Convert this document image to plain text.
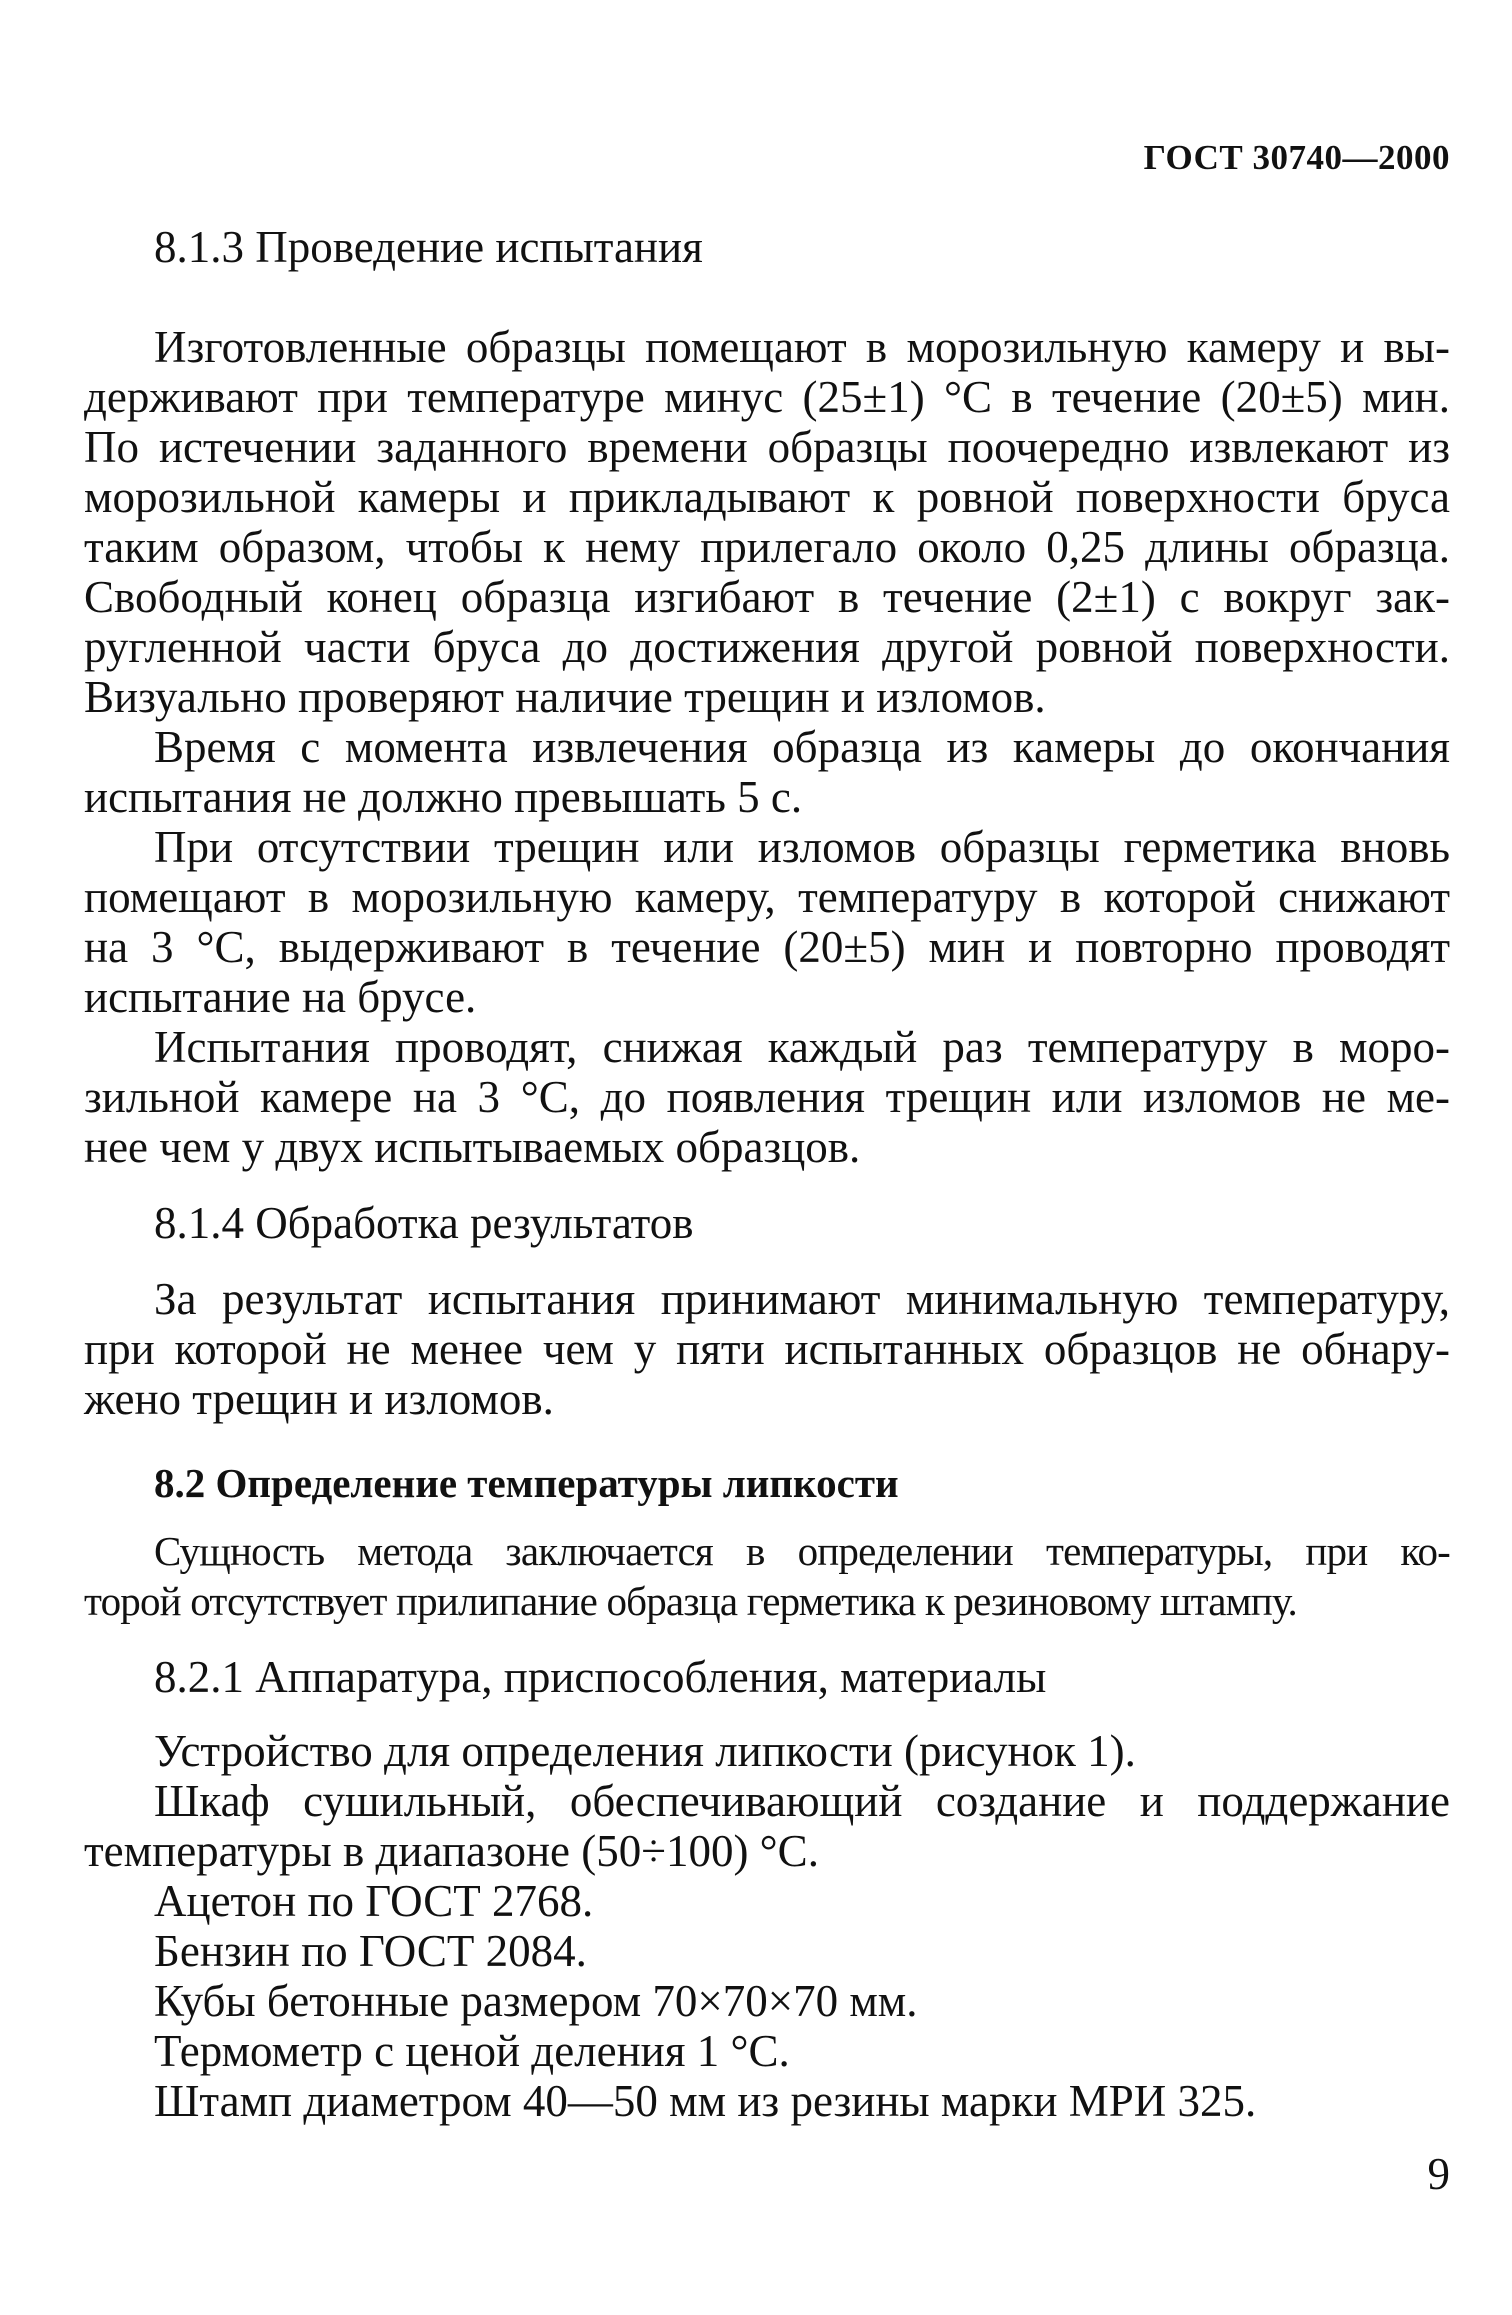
ГОСТ 30740—2000
8.1.3 Проведение испытания
Изготовленные образцы помещают в морозильную камеру и вы-
держивают при температуре минус (25±1) °С в течение (20±5) мин.
По истечении заданного времени образцы поочередно извлекают из
морозильной камеры и прикладывают к ровной поверхности бруса
таким образом, чтобы к нему прилегало около 0,25 длины образца.
Свободный конец образца изгибают в течение (2±1) с вокруг зак-
ругленной части бруса до достижения другой ровной поверхности.
Визуально проверяют наличие трещин и изломов.
Время с момента извлечения образца из камеры до окончания
испытания не должно превышать 5 с.
При отсутствии трещин или изломов образцы герметика вновь
помещают в морозильную камеру, температуру в которой снижают
на 3 °С, выдерживают в течение (20±5) мин и повторно проводят
испытание на брусе.
Испытания проводят, снижая каждый раз температуру в моро-
зильной камере на 3 °С, до появления трещин или изломов не ме-
нее чем у двух испытываемых образцов.
8.1.4 Обработка результатов
За результат испытания принимают минимальную температуру,
при которой не менее чем у пяти испытанных образцов не обнару-
жено трещин и изломов.
8.2 Определение температуры липкости
Сущность метода заключается в определении температуры, при ко-
торой отсутствует прилипание образца герметика к резиновому штампу.
8.2.1 Аппаратура, приспособления, материалы
Устройство для определения липкости (рисунок 1).
Шкаф сушильный, обеспечивающий создание и поддержание
температуры в диапазоне (50÷100) °С.
Ацетон по ГОСТ 2768.
Бензин по ГОСТ 2084.
Кубы бетонные размером 70×70×70 мм.
Термометр с ценой деления 1 °С.
Штамп диаметром 40—50 мм из резины марки МРИ 325.
9
